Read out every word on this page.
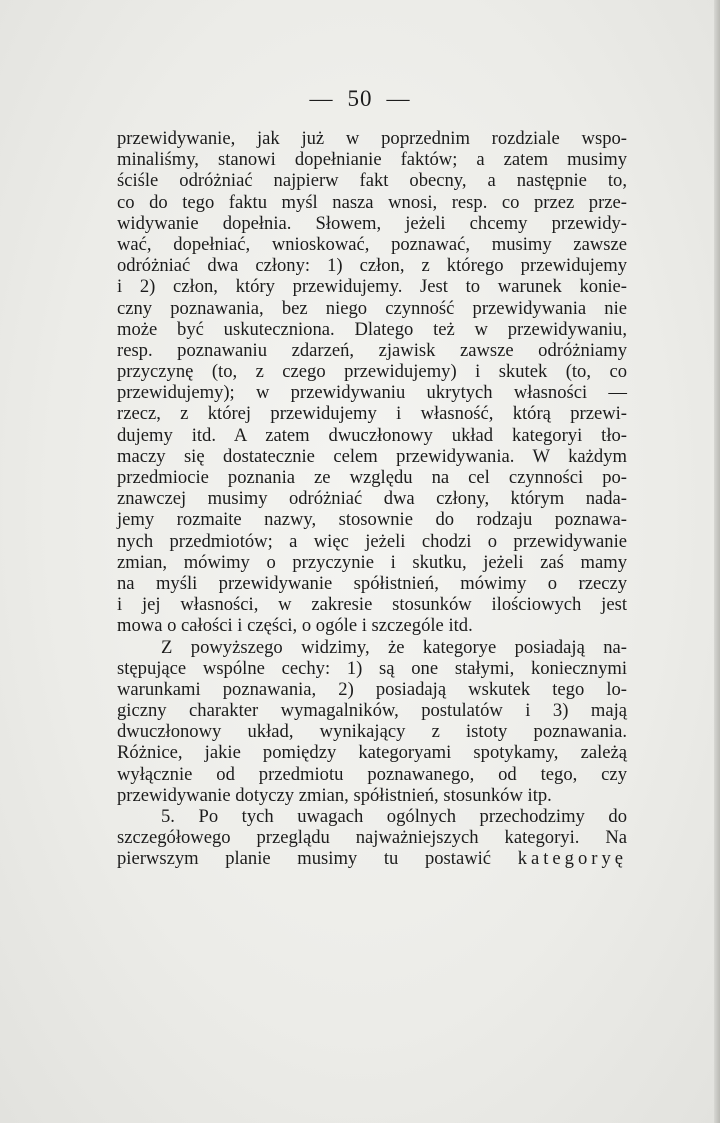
— 50 —
przewidywanie, jak już w poprzednim rozdziale wspo-
minaliśmy, stanowi dopełnianie faktów; a zatem musimy
ściśle odróżniać najpierw fakt obecny, a następnie to,
co do tego faktu myśl nasza wnosi, resp. co przez prze-
widywanie dopełnia. Słowem, jeżeli chcemy przewidy-
wać, dopełniać, wnioskować, poznawać, musimy zawsze
odróżniać dwa człony: 1) człon, z którego przewidujemy
i 2) człon, który przewidujemy. Jest to warunek konie-
czny poznawania, bez niego czynność przewidywania nie
może być uskuteczniona. Dlatego też w przewidywaniu,
resp. poznawaniu zdarzeń, zjawisk zawsze odróżniamy
przyczynę (to, z czego przewidujemy) i skutek (to, co
przewidujemy); w przewidywaniu ukrytych własności —
rzecz, z której przewidujemy i własność, którą przewi-
dujemy itd. A zatem dwuczłonowy układ kategoryi tło-
maczy się dostatecznie celem przewidywania. W każdym
przedmiocie poznania ze względu na cel czynności po-
znawczej musimy odróżniać dwa człony, którym nada-
jemy rozmaite nazwy, stosownie do rodzaju poznawa-
nych przedmiotów; a więc jeżeli chodzi o przewidywanie
zmian, mówimy o przyczynie i skutku, jeżeli zaś mamy
na myśli przewidywanie spółistnień, mówimy o rzeczy
i jej własności, w zakresie stosunków ilościowych jest
mowa o całości i części, o ogóle i szczególe itd.
Z powyższego widzimy, że kategorye posiadają na-
stępujące wspólne cechy: 1) są one stałymi, koniecznymi
warunkami poznawania, 2) posiadają wskutek tego lo-
giczny charakter wymagalników, postulatów i 3) mają
dwuczłonowy układ, wynikający z istoty poznawania.
Różnice, jakie pomiędzy kategoryami spotykamy, zależą
wyłącznie od przedmiotu poznawanego, od tego, czy
przewidywanie dotyczy zmian, spółistnień, stosunków itp.
5. Po tych uwagach ogólnych przechodzimy do
szczegółowego przeglądu najważniejszych kategoryi. Na
pierwszym planie musimy tu postawić kategoryę
